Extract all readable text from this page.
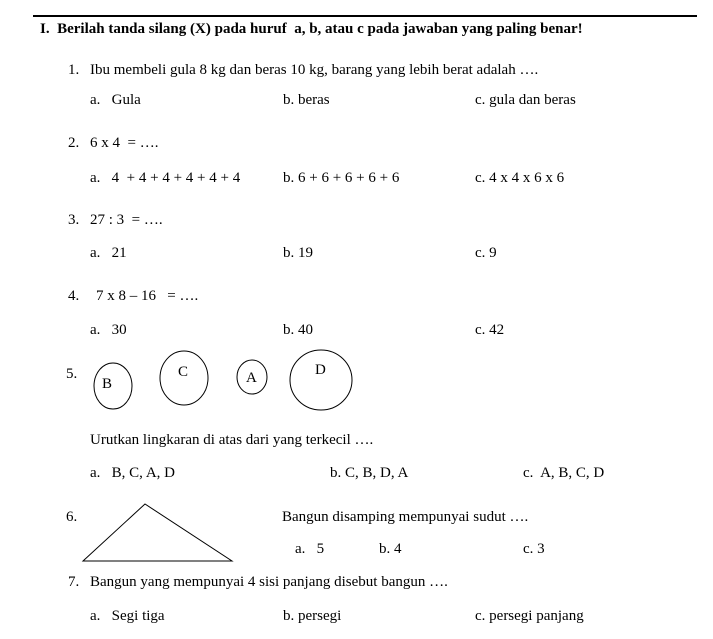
I.  Berilah tanda silang (X) pada huruf  a, b, atau c pada jawaban yang paling benar!
1. Ibu membeli gula 8 kg dan beras 10 kg, barang yang lebih berat adalah ….
a.   Gula	b. beras	c. gula dan beras
2. 6 x 4  = ….
a.   4  + 4 + 4 + 4 + 4 + 4	b. 6 + 6 + 6 + 6 + 6	c. 4 x 4 x 6 x 6
3. 27 : 3  = ….
a.   21	b. 19	c. 9
4. 7 x 8 – 16   = ….
a.   30	b. 40	c. 42
5.
B
C	A	D
Urutkan lingkaran di atas dari yang terkecil ….
a.   B, C, A, D	b. C, B, D, A	c.  A, B, C, D
6.	Bangun disamping mempunyai sudut ….
a.   5	b. 4	c. 3
7. Bangun yang mempunyai 4 sisi panjang disebut bangun ….
a.   Segi tiga	b. persegi	c. persegi panjang
